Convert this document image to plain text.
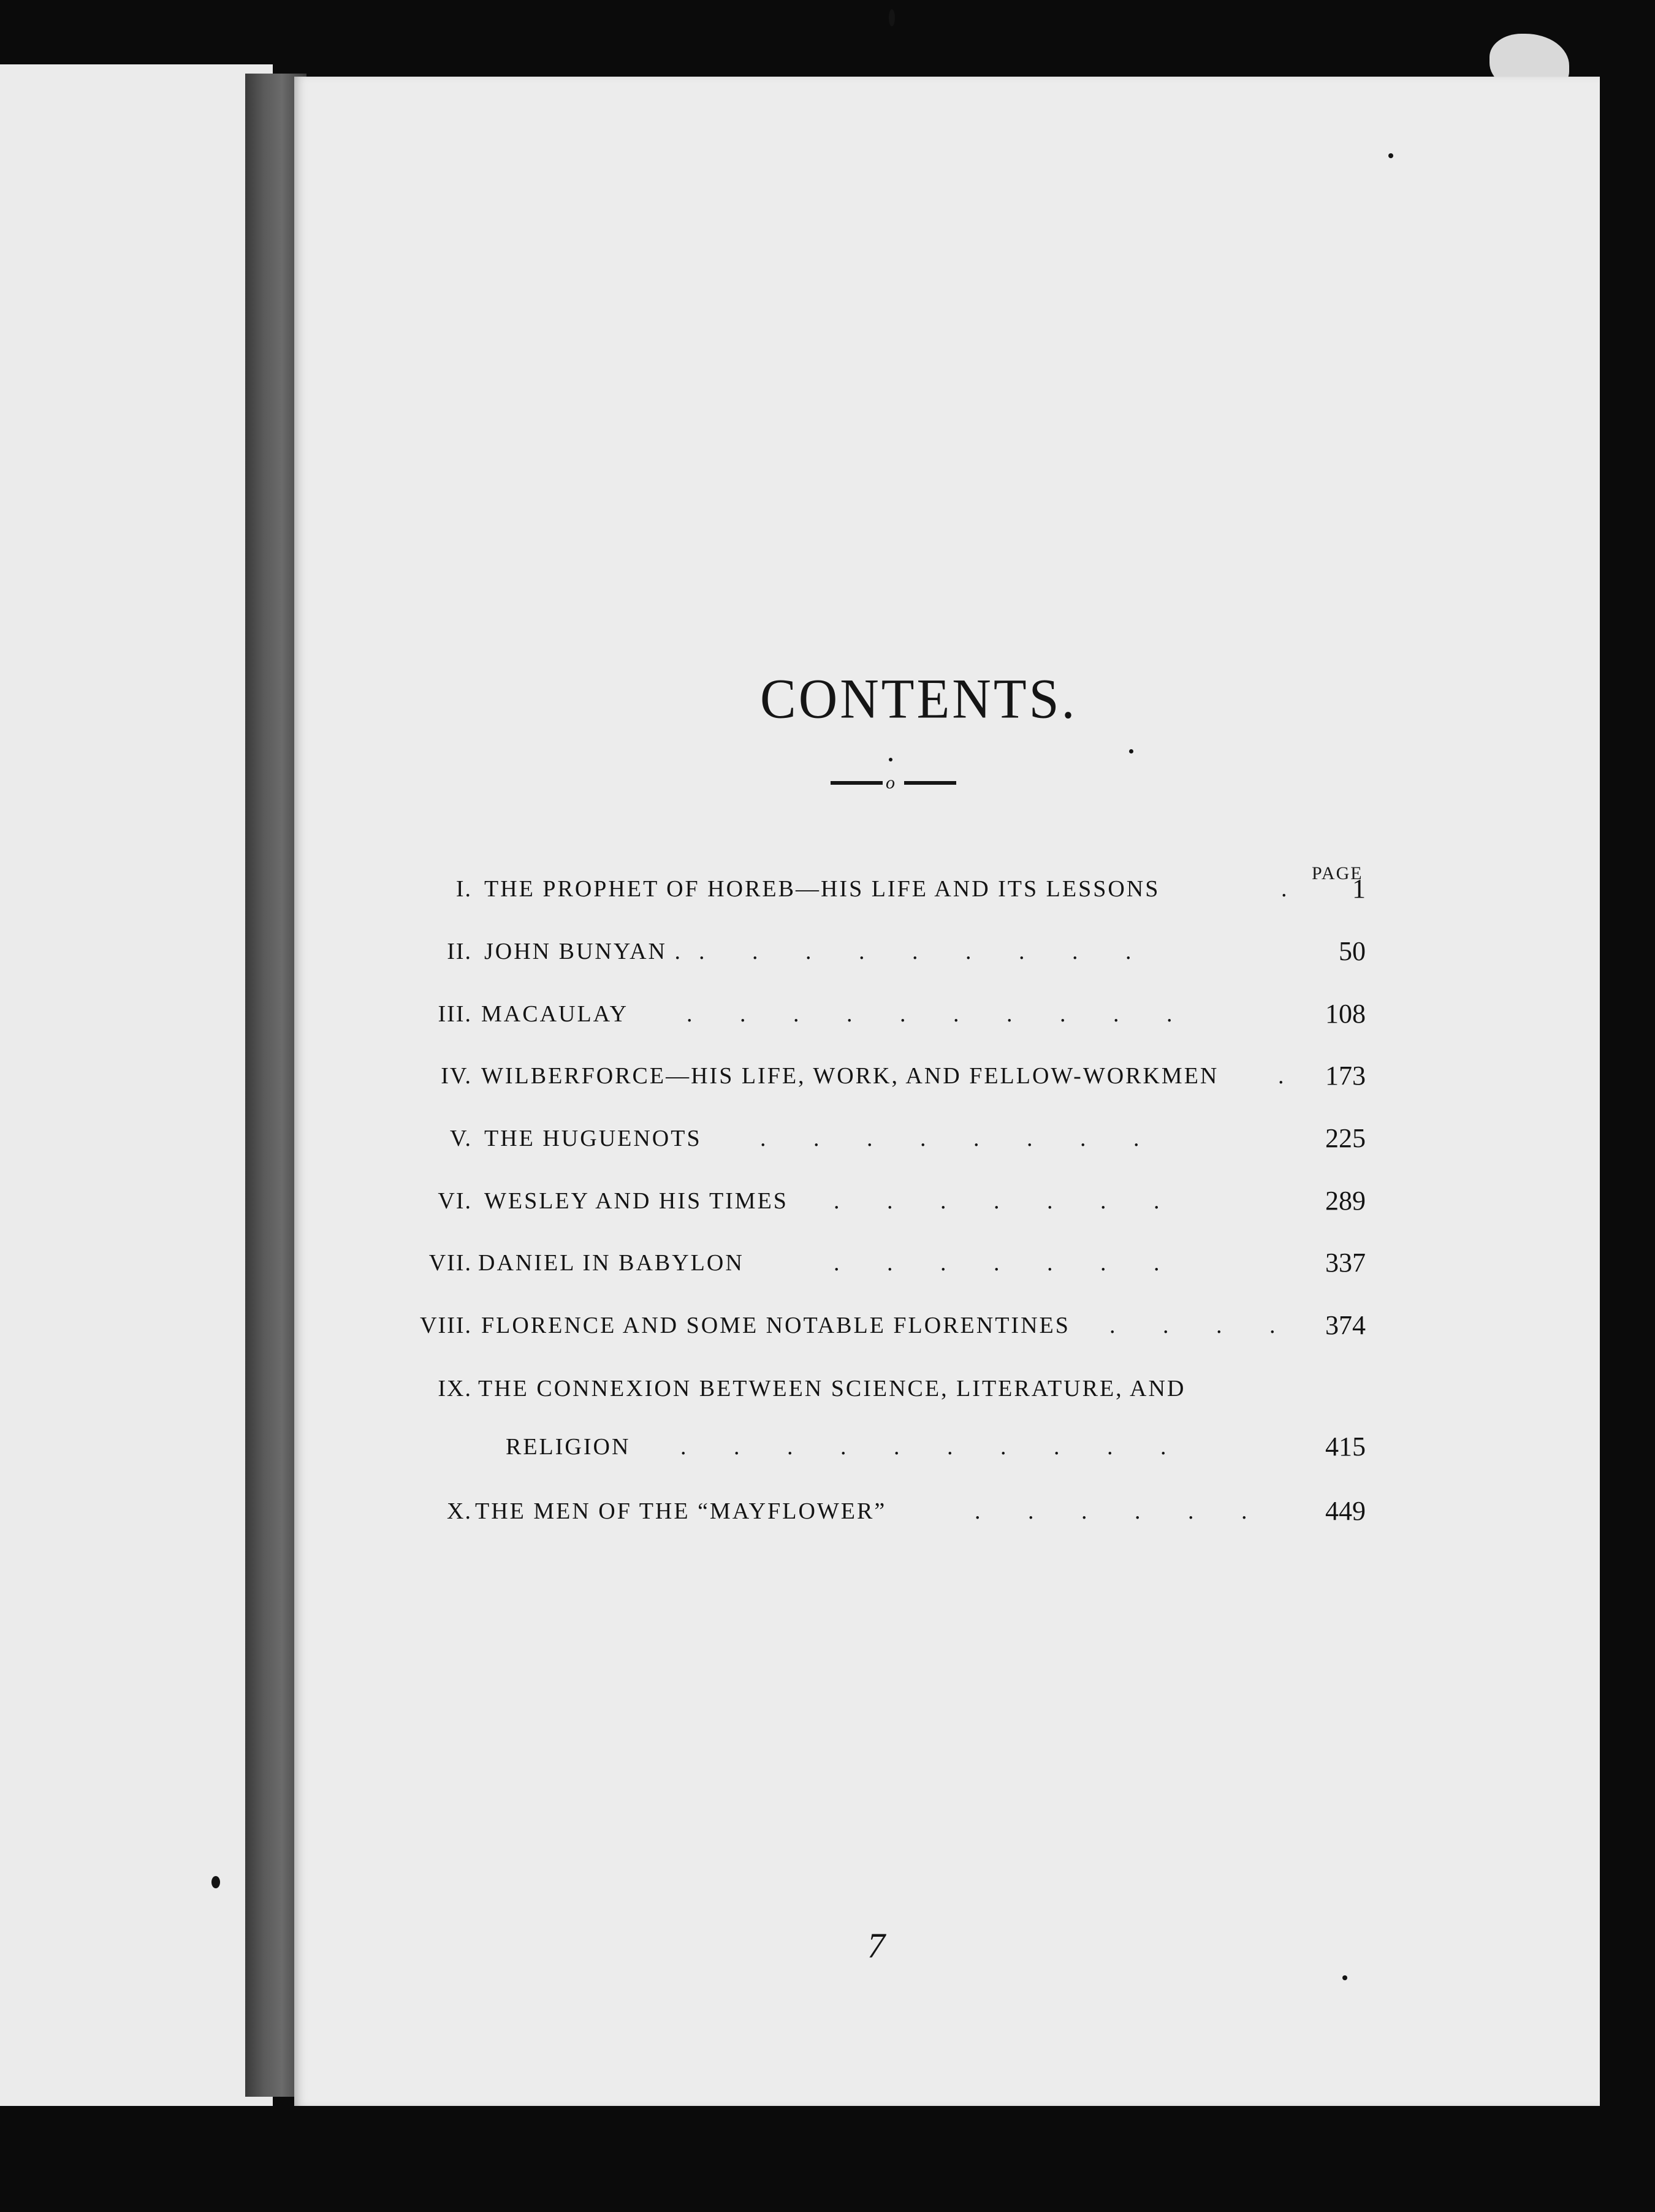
CONTENTS.
o
PAGE
I. THE PROPHET OF HOREB—HIS LIFE AND ITS LESSONS	.	1
II. JOHN BUNYAN . . . . . . . . . .	50
III. MACAULAY . . . . . . . . . .	108
IV. WILBERFORCE—HIS LIFE, WORK, AND FELLOW-WORKMEN	.	173
V. THE HUGUENOTS	. . . . . . . .	225
VI. WESLEY AND HIS TIMES . . . . . . .	289
VII. DANIEL IN BABYLON	. . . . . . .	337
VIII. FLORENCE AND SOME NOTABLE FLORENTINES . . . .	374
IX. THE CONNEXION BETWEEN SCIENCE, LITERATURE, AND
RELIGION . . . . . . . . . .	415
X. THE MEN OF THE “MAYFLOWER”	. . . . . .	449
7
